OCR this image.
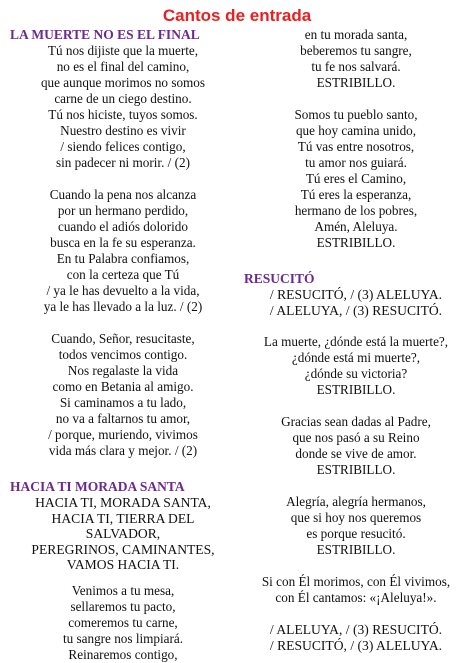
Cantos de entrada
LA MUERTE NO ES EL FINAL
Tú nos dijiste que la muerte,
no es el final del camino,
que aunque morimos no somos
carne de un ciego destino.
Tú nos hiciste, tuyos somos.
Nuestro destino es vivir
/ siendo felices contigo,
sin padecer ni morir. / (2)
Cuando la pena nos alcanza
por un hermano perdido,
cuando el adiós dolorido
busca en la fe su esperanza.
En tu Palabra confiamos,
con la certeza que Tú
/ ya le has devuelto a la vida,
ya le has llevado a la luz. / (2)
Cuando, Señor, resucitaste,
todos vencimos contigo.
Nos regalaste la vida
como en Betania al amigo.
Si caminamos a tu lado,
no va a faltarnos tu amor,
/ porque, muriendo, vivimos
vida más clara y mejor. / (2)
HACIA TI MORADA SANTA
HACIA TI, MORADA SANTA,
HACIA TI, TIERRA DEL
SALVADOR,
PEREGRINOS, CAMINANTES,
VAMOS HACIA TI.
Venimos a tu mesa,
sellaremos tu pacto,
comeremos tu carne,
tu sangre nos limpiará.
Reinaremos contigo,
en tu morada santa,
beberemos tu sangre,
tu fe nos salvará.
ESTRIBILLO.
Somos tu pueblo santo,
que hoy camina unido,
Tú vas entre nosotros,
tu amor nos guiará.
Tú eres el Camino,
Tú eres la esperanza,
hermano de los pobres,
Amén, Aleluya.
ESTRIBILLO.
RESUCITÓ
/ RESUCITÓ, / (3) ALELUYA.
/ ALELUYA, / (3) RESUCITÓ.
La muerte, ¿dónde está la muerte?,
¿dónde está mi muerte?,
¿dónde su victoria?
ESTRIBILLO.
Gracias sean dadas al Padre,
que nos pasó a su Reino
donde se vive de amor.
ESTRIBILLO.
Alegría, alegría hermanos,
que si hoy nos queremos
es porque resucitó.
ESTRIBILLO.
Si con Él morimos, con Él vivimos,
con Él cantamos: «¡Aleluya!».
/ ALELUYA, / (3) RESUCITÓ.
/ RESUCITÓ, / (3) ALELUYA.
